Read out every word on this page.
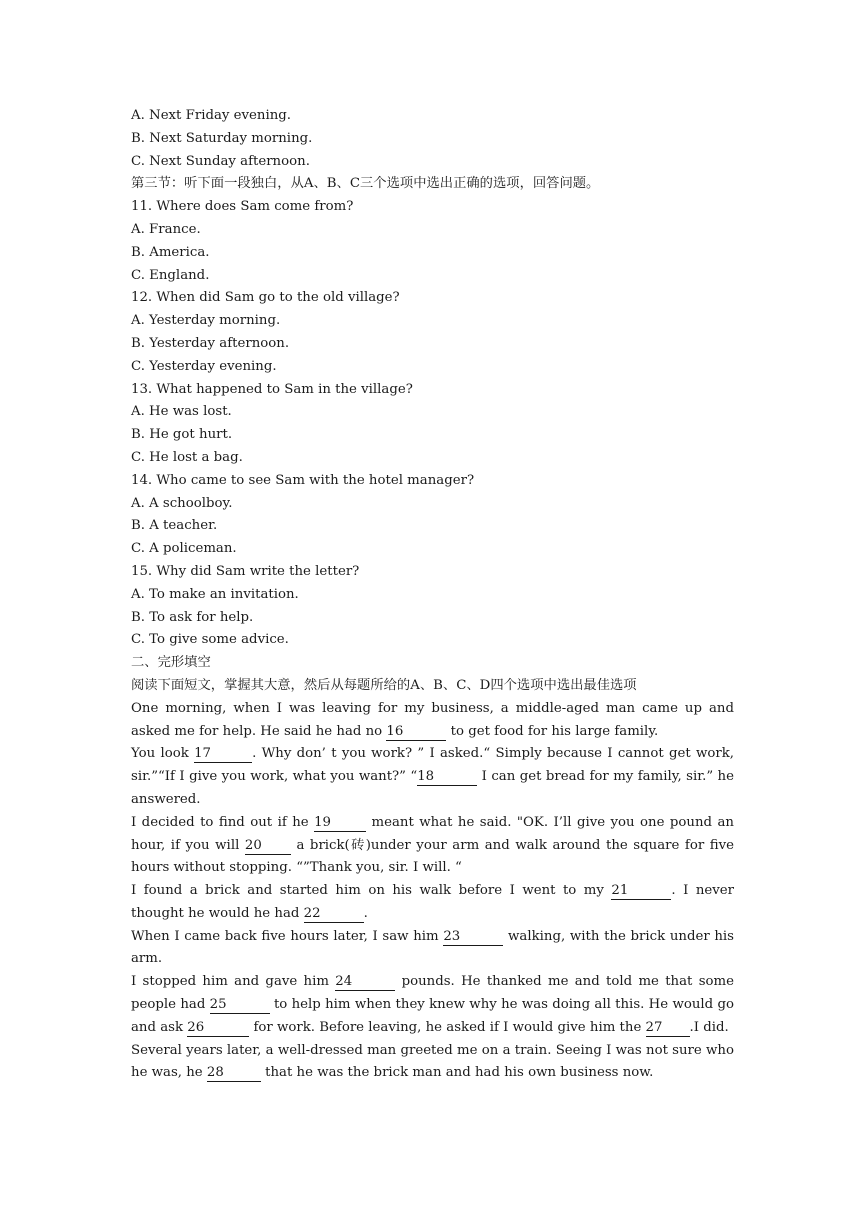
A. Next Friday evening.
B. Next Saturday morning.
C. Next Sunday afternoon.
第三节：听下面一段独白，从A、B、C三个选项中选出正确的选项，回答问题。
11. Where does Sam come from?
A. France.
B. America.
C. England.
12. When did Sam go to the old village?
A. Yesterday morning.
B. Yesterday afternoon.
C. Yesterday evening.
13. What happened to Sam in the village?
A. He was lost.
B. He got hurt.
C. He lost a bag.
14. Who came to see Sam with the hotel manager?
A. A schoolboy.
B. A teacher.
C. A policeman.
15. Why did Sam write the letter?
A. To make an invitation.
B. To ask for help.
C. To give some advice.
二、完形填空
阅读下面短文，掌握其大意，然后从每题所给的A、B、C、D四个选项中选出最佳选项
One morning, when I was leaving for my business, a middle-aged man came up and asked me for help. He said he had no 16	to get food for his large family.
You look 17	. Why don’ t you work? ” I asked.“ Simply because I cannot get work, sir.”“If I give you work, what you want?” “18	I can get bread for my family, sir.” he answered.
I decided to find out if he 19	meant what he said. "OK. I’ll give you one pound an hour, if you will 20 a brick(砖)under your arm and walk around the square for five hours without stopping. “”Thank you, sir. I will. “
I found a brick and started him on his walk before I went to my 21	. I never thought he would he had 22	.
When I came back five hours later, I saw him 23	walking, with the brick under his arm.
I stopped him and gave him 24	pounds. He thanked me and told me that some people had 25	to help him when they knew why he was doing all this. He would go and ask 26	for work. Before leaving, he asked if I would give him the 27 .I did.
Several years later, a well-dressed man greeted me on a train. Seeing I was not sure who he was, he 28	that he was the brick man and had his own business now.
